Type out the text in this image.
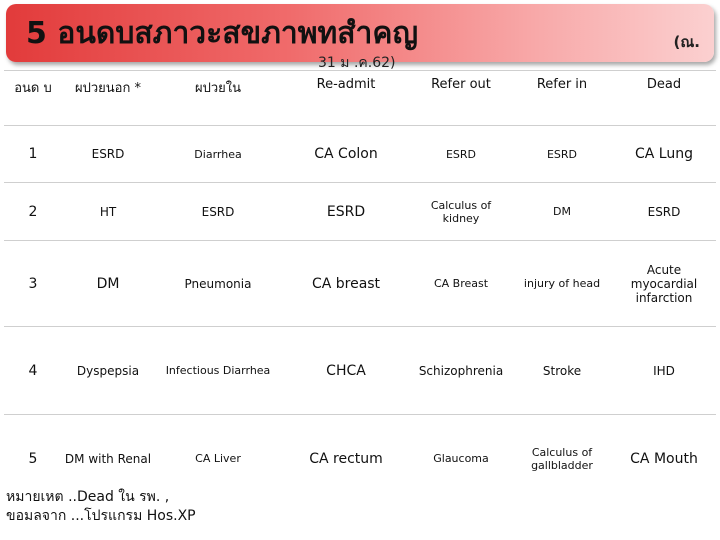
5 อนดบสภาวะสขภาพทสำคญ	(ณ.
31 ม .ค.62)
อนด บ	ผปวยนอก *	ผปวยใน	Re-admit	Refer out	Refer in	Dead
1	ESRD	Diarrhea	CA Colon	ESRD	ESRD	CA Lung
2	HT	ESRD	ESRD	Calculus of kidney	DM	ESRD
3	DM	Pneumonia	CA breast	CA Breast	injury of head	Acute myocardial infarction
4	Dyspepsia	Infectious Diarrhea	CHCA	Schizophrenia	Stroke	IHD
5	DM with Renal	CA Liver	CA rectum	Glaucoma	Calculus of gallbladder	CA Mouth
หมายเหต ..Dead ใน รพ. ,
ขอมลจาก ...โปรแกรม Hos.XP
